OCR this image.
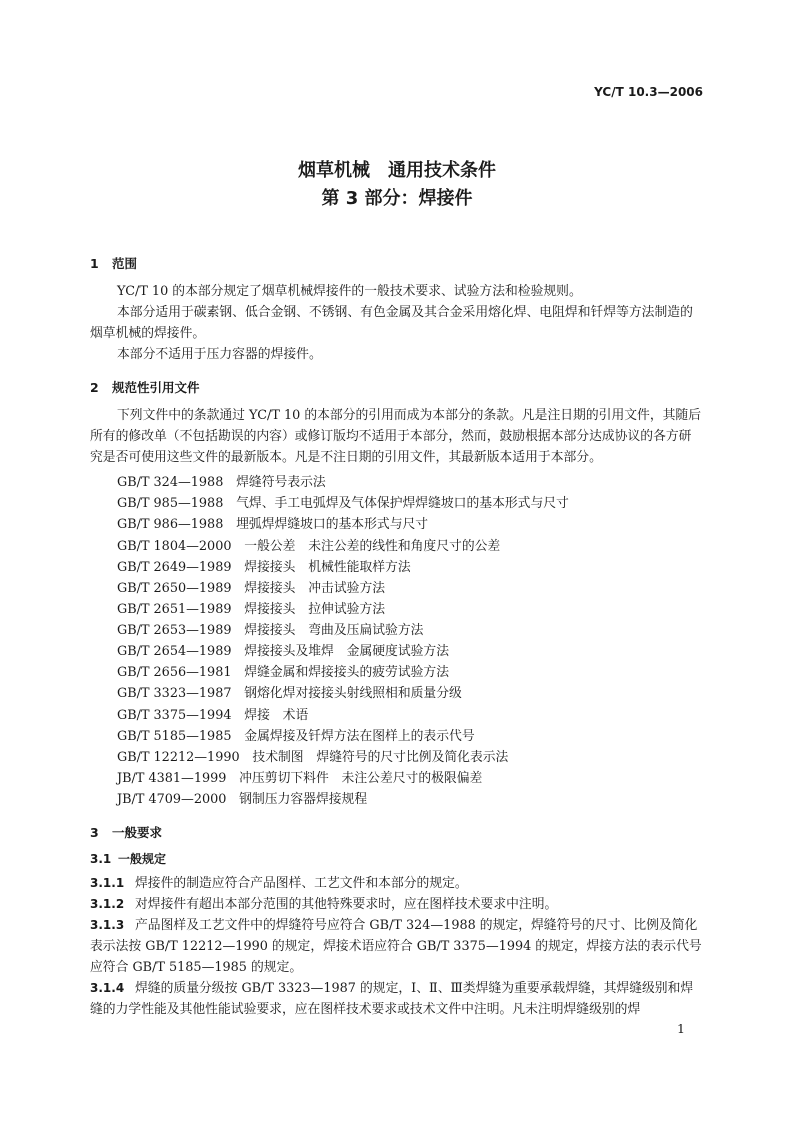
YC/T 10.3—2006
烟草机械　通用技术条件
第 3 部分：焊接件
1 范围
YC/T 10 的本部分规定了烟草机械焊接件的一般技术要求、试验方法和检验规则。
本部分适用于碳素钢、低合金钢、不锈钢、有色金属及其合金采用熔化焊、电阻焊和钎焊等方法制造的烟草机械的焊接件。
本部分不适用于压力容器的焊接件。
2 规范性引用文件
下列文件中的条款通过 YC/T 10 的本部分的引用而成为本部分的条款。凡是注日期的引用文件，其随后所有的修改单（不包括勘误的内容）或修订版均不适用于本部分，然而，鼓励根据本部分达成协议的各方研究是否可使用这些文件的最新版本。凡是不注日期的引用文件，其最新版本适用于本部分。
GB/T 324—1988　焊缝符号表示法
GB/T 985—1988　气焊、手工电弧焊及气体保护焊焊缝坡口的基本形式与尺寸
GB/T 986—1988　埋弧焊焊缝坡口的基本形式与尺寸
GB/T 1804—2000　一般公差　未注公差的线性和角度尺寸的公差
GB/T 2649—1989　焊接接头　机械性能取样方法
GB/T 2650—1989　焊接接头　冲击试验方法
GB/T 2651—1989　焊接接头　拉伸试验方法
GB/T 2653—1989　焊接接头　弯曲及压扁试验方法
GB/T 2654—1989　焊接接头及堆焊　金属硬度试验方法
GB/T 2656—1981　焊缝金属和焊接接头的疲劳试验方法
GB/T 3323—1987　钢熔化焊对接接头射线照相和质量分级
GB/T 3375—1994　焊接　术语
GB/T 5185—1985　金属焊接及钎焊方法在图样上的表示代号
GB/T 12212—1990　技术制图　焊缝符号的尺寸比例及简化表示法
JB/T 4381—1999　冲压剪切下料件　未注公差尺寸的极限偏差
JB/T 4709—2000　钢制压力容器焊接规程
3 一般要求
3.1 一般规定
3.1.1 焊接件的制造应符合产品图样、工艺文件和本部分的规定。
3.1.2 对焊接件有超出本部分范围的其他特殊要求时，应在图样技术要求中注明。
3.1.3 产品图样及工艺文件中的焊缝符号应符合 GB/T 324—1988 的规定，焊缝符号的尺寸、比例及简化表示法按 GB/T 12212—1990 的规定，焊接术语应符合 GB/T 3375—1994 的规定，焊接方法的表示代号应符合 GB/T 5185—1985 的规定。
3.1.4 焊缝的质量分级按 GB/T 3323—1987 的规定，Ⅰ、Ⅱ、Ⅲ类焊缝为重要承载焊缝，其焊缝级别和焊缝的力学性能及其他性能试验要求，应在图样技术要求或技术文件中注明。凡未注明焊缝级别的焊
1
